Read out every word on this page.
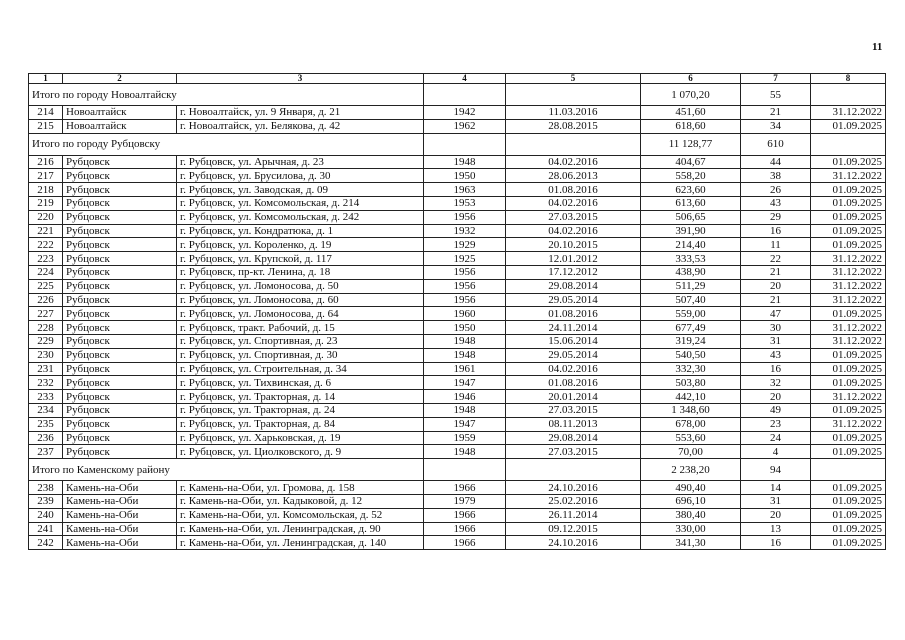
11
1	2	3	4	5	6	7	8
Итого по городу Новоалтайску					1 070,20	55	
214	Новоалтайск	г. Новоалтайск, ул. 9 Января, д. 21	1942	11.03.2016	451,60	21	31.12.2022
215	Новоалтайск	г. Новоалтайск, ул. Белякова, д. 42	1962	28.08.2015	618,60	34	01.09.2025
Итого по городу Рубцовску					11 128,77	610	
216	Рубцовск	г. Рубцовск, ул. Арычная, д. 23	1948	04.02.2016	404,67	44	01.09.2025
217	Рубцовск	г. Рубцовск, ул. Брусилова, д. 30	1950	28.06.2013	558,20	38	31.12.2022
218	Рубцовск	г. Рубцовск, ул. Заводская, д. 09	1963	01.08.2016	623,60	26	01.09.2025
219	Рубцовск	г. Рубцовск, ул. Комсомольская, д. 214	1953	04.02.2016	613,60	43	01.09.2025
220	Рубцовск	г. Рубцовск, ул. Комсомольская, д. 242	1956	27.03.2015	506,65	29	01.09.2025
221	Рубцовск	г. Рубцовск, ул. Кондратюка, д. 1	1932	04.02.2016	391,90	16	01.09.2025
222	Рубцовск	г. Рубцовск, ул. Короленко, д. 19	1929	20.10.2015	214,40	11	01.09.2025
223	Рубцовск	г. Рубцовск, ул. Крупской, д. 117	1925	12.01.2012	333,53	22	31.12.2022
224	Рубцовск	г. Рубцовск, пр-кт. Ленина, д. 18	1956	17.12.2012	438,90	21	31.12.2022
225	Рубцовск	г. Рубцовск, ул. Ломоносова, д. 50	1956	29.08.2014	511,29	20	31.12.2022
226	Рубцовск	г. Рубцовск, ул. Ломоносова, д. 60	1956	29.05.2014	507,40	21	31.12.2022
227	Рубцовск	г. Рубцовск, ул. Ломоносова, д. 64	1960	01.08.2016	559,00	47	01.09.2025
228	Рубцовск	г. Рубцовск, тракт. Рабочий, д. 15	1950	24.11.2014	677,49	30	31.12.2022
229	Рубцовск	г. Рубцовск, ул. Спортивная, д. 23	1948	15.06.2014	319,24	31	31.12.2022
230	Рубцовск	г. Рубцовск, ул. Спортивная, д. 30	1948	29.05.2014	540,50	43	01.09.2025
231	Рубцовск	г. Рубцовск, ул. Строительная, д. 34	1961	04.02.2016	332,30	16	01.09.2025
232	Рубцовск	г. Рубцовск, ул. Тихвинская, д. 6	1947	01.08.2016	503,80	32	01.09.2025
233	Рубцовск	г. Рубцовск, ул. Тракторная, д. 14	1946	20.01.2014	442,10	20	31.12.2022
234	Рубцовск	г. Рубцовск, ул. Тракторная, д. 24	1948	27.03.2015	1 348,60	49	01.09.2025
235	Рубцовск	г. Рубцовск, ул. Тракторная, д. 84	1947	08.11.2013	678,00	23	31.12.2022
236	Рубцовск	г. Рубцовск, ул. Харьковская, д. 19	1959	29.08.2014	553,60	24	01.09.2025
237	Рубцовск	г. Рубцовск, ул. Циолковского, д. 9	1948	27.03.2015	70,00	4	01.09.2025
Итого по Каменскому району					2 238,20	94	
238	Камень-на-Оби	г. Камень-на-Оби, ул. Громова, д. 158	1966	24.10.2016	490,40	14	01.09.2025
239	Камень-на-Оби	г. Камень-на-Оби, ул. Кадыковой, д. 12	1979	25.02.2016	696,10	31	01.09.2025
240	Камень-на-Оби	г. Камень-на-Оби, ул. Комсомольская, д. 52	1966	26.11.2014	380,40	20	01.09.2025
241	Камень-на-Оби	г. Камень-на-Оби, ул. Ленинградская, д. 90	1966	09.12.2015	330,00	13	01.09.2025
242	Камень-на-Оби	г. Камень-на-Оби, ул. Ленинградская, д. 140	1966	24.10.2016	341,30	16	01.09.2025
